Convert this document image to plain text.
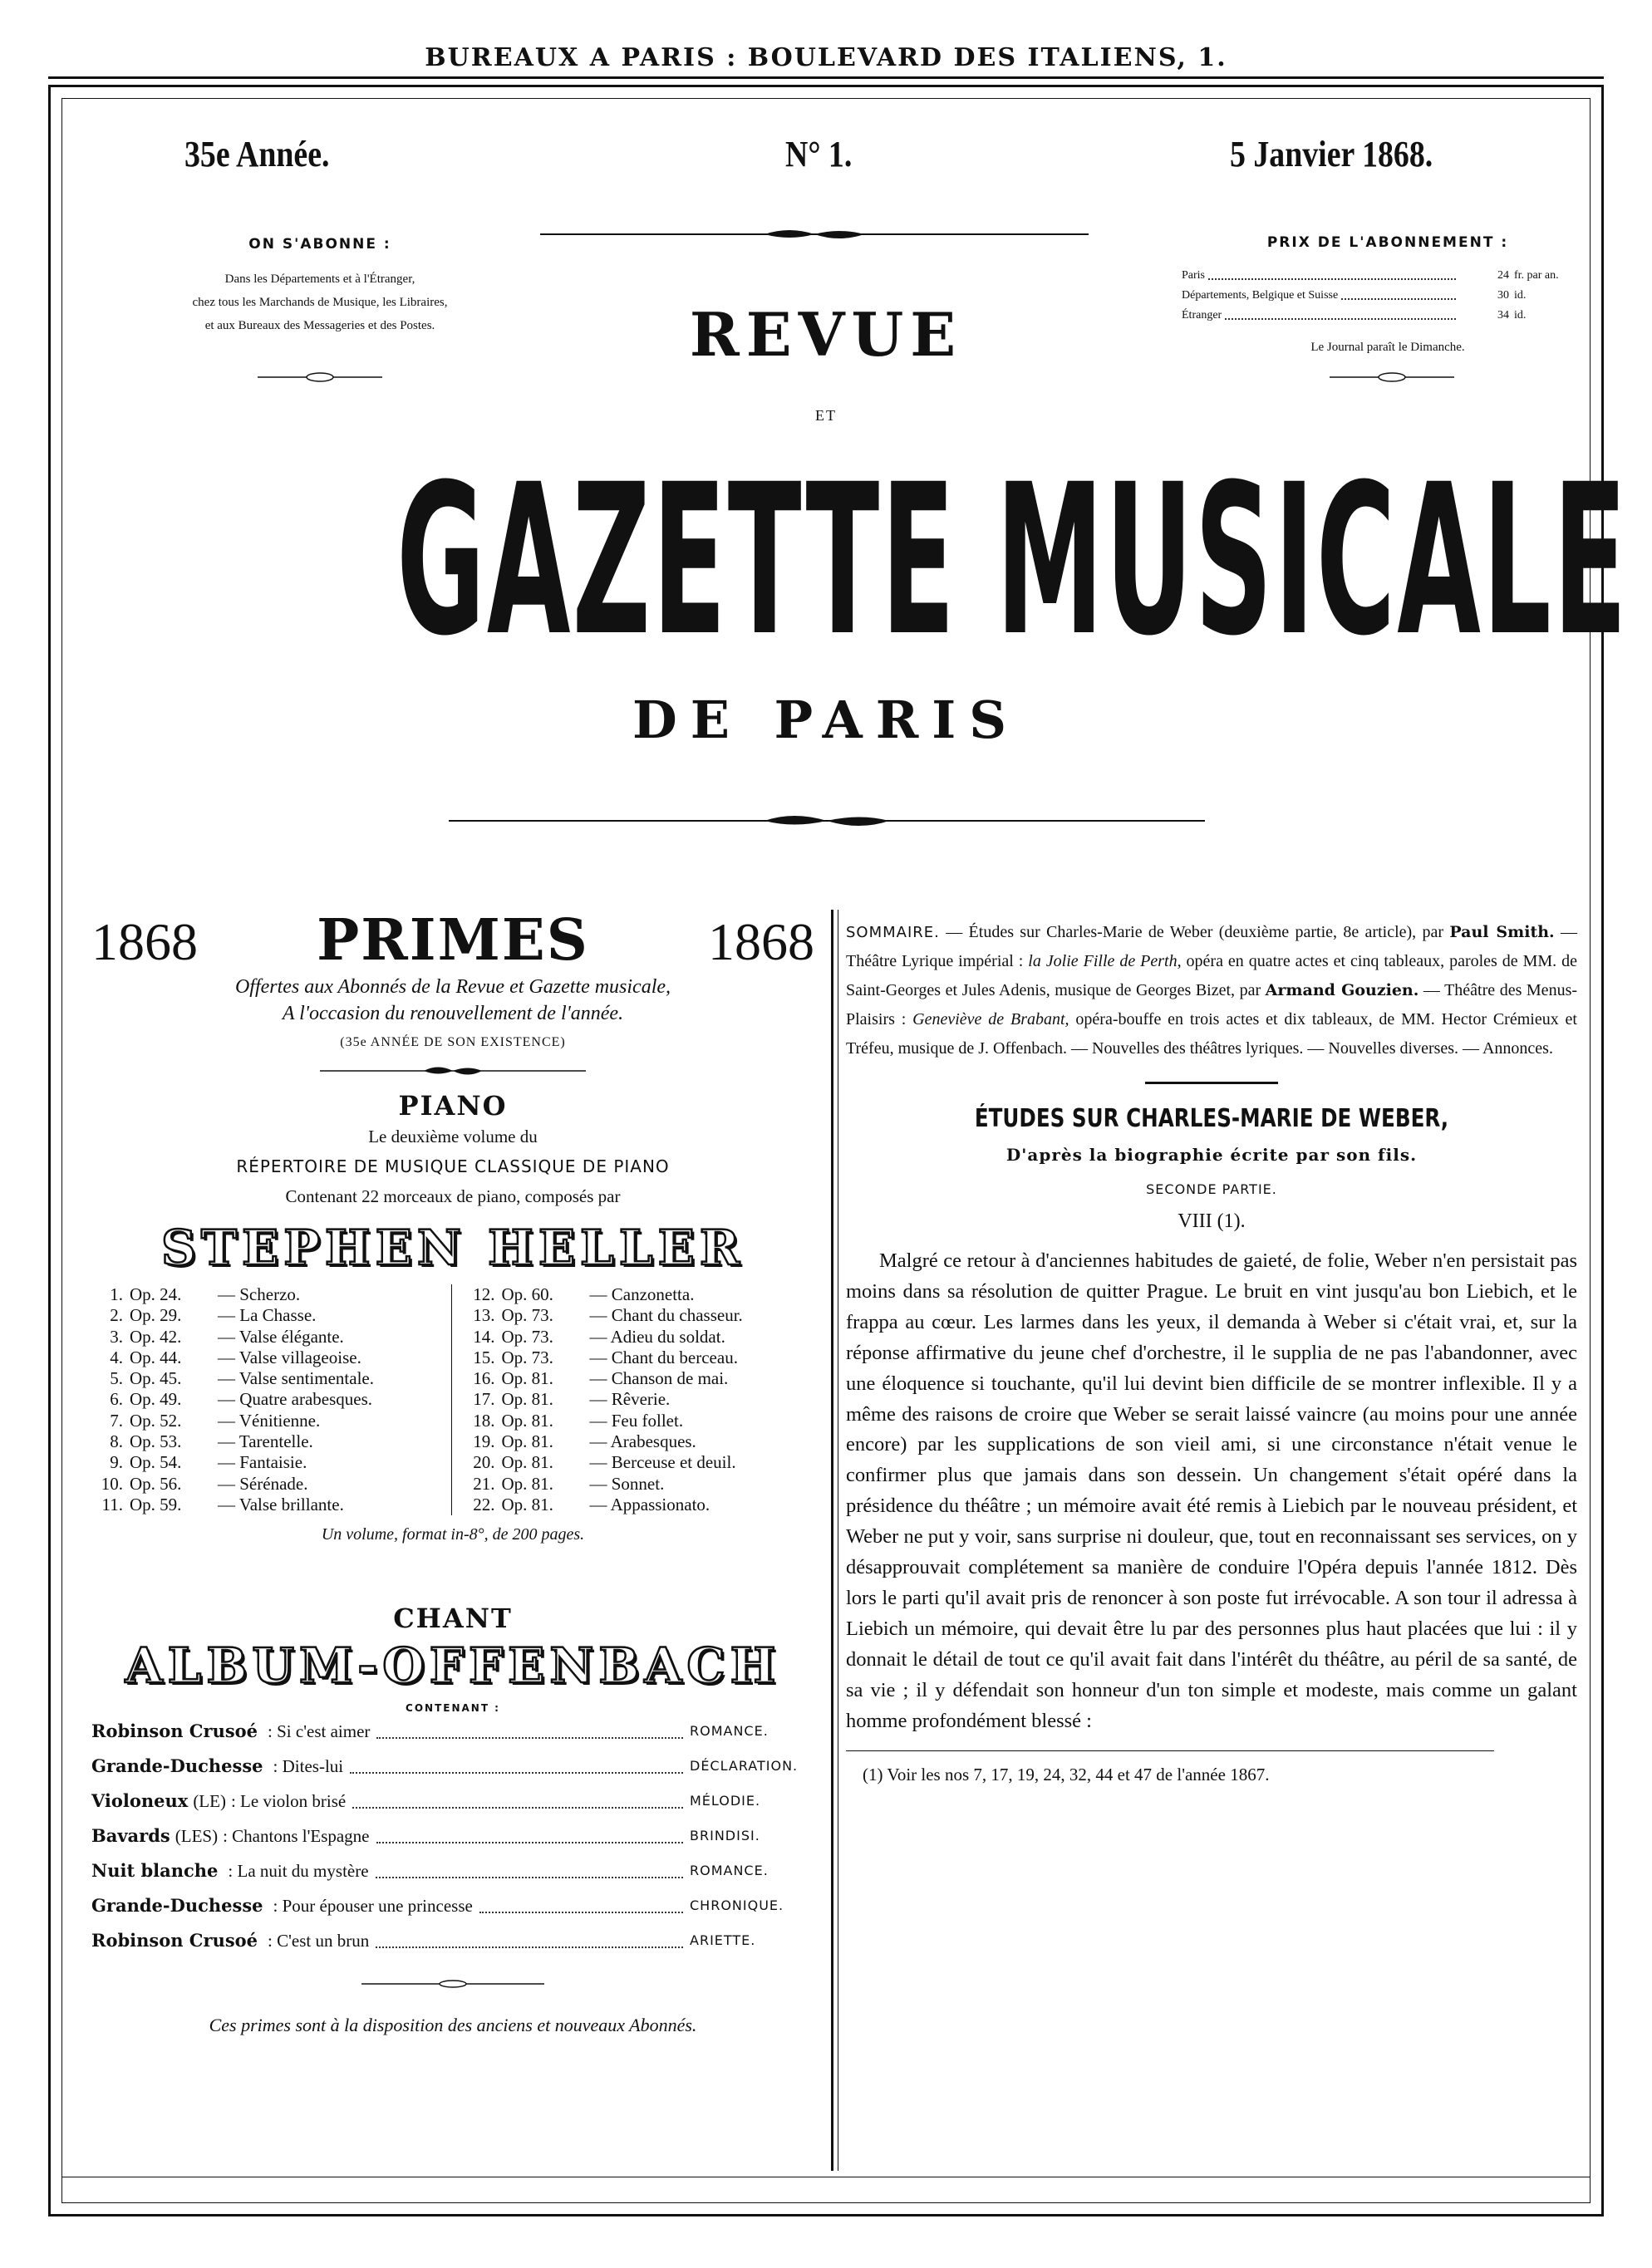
BUREAUX A PARIS : BOULEVARD DES ITALIENS, 1.
35e Année.	N° 1.	5 Janvier 1868.
ON S'ABONNE :
Dans les Départements et à l'Étranger,
chez tous les Marchands de Musique, les Libraires,
et aux Bureaux des Messageries et des Postes.
PRIX DE L'ABONNEMENT :
Paris	24 fr. par an.
Départements, Belgique et Suisse	30 id.
Étranger	34 id.
Le Journal paraît le Dimanche.
REVUE
ET
GAZETTE MUSICALE
DE PARIS
1868 PRIMES 1868
Offertes aux Abonnés de la Revue et Gazette musicale,
A l'occasion du renouvellement de l'année.
(35e ANNÉE DE SON EXISTENCE)
PIANO
Le deuxième volume du
RÉPERTOIRE DE MUSIQUE CLASSIQUE DE PIANO
Contenant 22 morceaux de piano, composés par
STEPHEN HELLER
1. Op. 24.	— Scherzo.
2. Op. 29.	— La Chasse.
3. Op. 42.	— Valse élégante.
4. Op. 44.	— Valse villageoise.
5. Op. 45.	— Valse sentimentale.
6. Op. 49.	— Quatre arabesques.
7. Op. 52.	— Vénitienne.
8. Op. 53.	— Tarentelle.
9. Op. 54.	— Fantaisie.
10. Op. 56.	— Sérénade.
11. Op. 59.	— Valse brillante.
12. Op. 60.	— Canzonetta.
13. Op. 73.	— Chant du chasseur.
14. Op. 73.	— Adieu du soldat.
15. Op. 73.	— Chant du berceau.
16. Op. 81.	— Chanson de mai.
17. Op. 81.	— Rêverie.
18. Op. 81.	— Feu follet.
19. Op. 81.	— Arabesques.
20. Op. 81.	— Berceuse et deuil.
21. Op. 81.	— Sonnet.
22. Op. 81.	— Appassionato.
Un volume, format in-8°, de 200 pages.
CHANT
ALBUM-OFFENBACH
CONTENANT :
Robinson Crusoé : Si c'est aimer	ROMANCE.
Grande-Duchesse : Dites-lui	DÉCLARATION.
Violoneux (LE) : Le violon brisé	MÉLODIE.
Bavards (LES) : Chantons l'Espagne	BRINDISI.
Nuit blanche : La nuit du mystère	ROMANCE.
Grande-Duchesse : Pour épouser une princesse	CHRONIQUE.
Robinson Crusoé : C'est un brun	ARIETTE.
Ces primes sont à la disposition des anciens et nouveaux Abonnés.
SOMMAIRE. — Études sur Charles-Marie de Weber (deuxième partie, 8e article), par Paul Smith. — Théâtre Lyrique impérial : la Jolie Fille de Perth, opéra en quatre actes et cinq tableaux, paroles de MM. de Saint-Georges et Jules Adenis, musique de Georges Bizet, par Armand Gouzien. — Théâtre des Menus-Plaisirs : Geneviève de Brabant, opéra-bouffe en trois actes et dix tableaux, de MM. Hector Crémieux et Tréfeu, musique de J. Offenbach. — Nouvelles des théâtres lyriques. — Nouvelles diverses. — Annonces.
ÉTUDES SUR CHARLES-MARIE DE WEBER,
D'après la biographie écrite par son fils.
SECONDE PARTIE.
VIII (1).
Malgré ce retour à d'anciennes habitudes de gaieté, de folie, Weber n'en persistait pas moins dans sa résolution de quitter Prague. Le bruit en vint jusqu'au bon Liebich, et le frappa au cœur. Les larmes dans les yeux, il demanda à Weber si c'était vrai, et, sur la réponse affirmative du jeune chef d'orchestre, il le supplia de ne pas l'abandonner, avec une éloquence si touchante, qu'il lui devint bien difficile de se montrer inflexible. Il y a même des raisons de croire que Weber se serait laissé vaincre (au moins pour une année encore) par les supplications de son vieil ami, si une circonstance n'était venue le confirmer plus que jamais dans son dessein. Un changement s'était opéré dans la présidence du théâtre ; un mémoire avait été remis à Liebich par le nouveau président, et Weber ne put y voir, sans surprise ni douleur, que, tout en reconnaissant ses services, on y désapprouvait complétement sa manière de conduire l'Opéra depuis l'année 1812. Dès lors le parti qu'il avait pris de renoncer à son poste fut irrévocable. A son tour il adressa à Liebich un mémoire, qui devait être lu par des personnes plus haut placées que lui : il y donnait le détail de tout ce qu'il avait fait dans l'intérêt du théâtre, au péril de sa santé, de sa vie ; il y défendait son honneur d'un ton simple et modeste, mais comme un galant homme profondément blessé :
(1) Voir les nos 7, 17, 19, 24, 32, 44 et 47 de l'année 1867.
